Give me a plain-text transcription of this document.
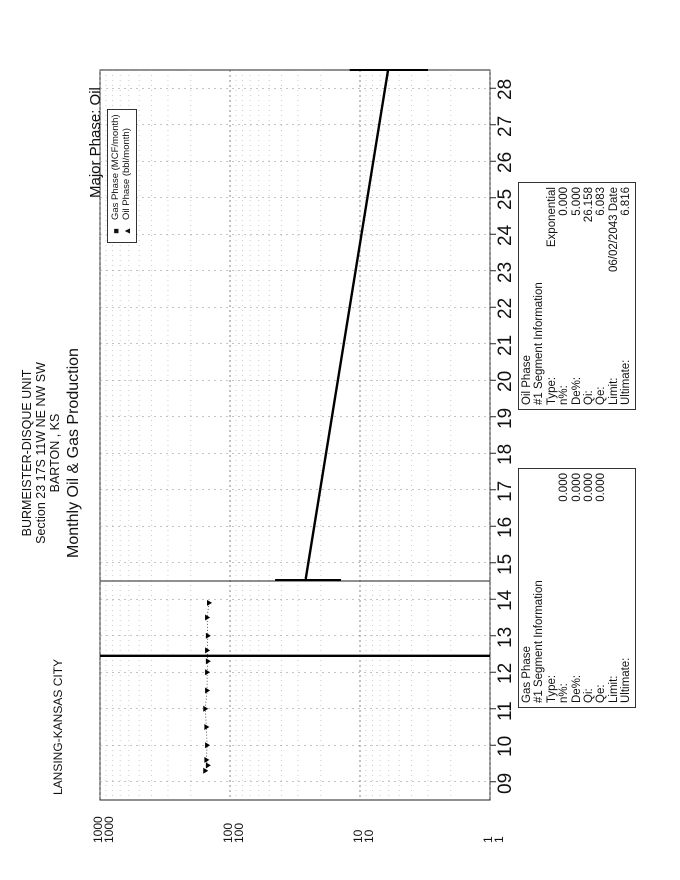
LANSING-KANSAS CITY
BURMEISTER-DISQUE UNIT Section 23 17S 11W NE NW SW BARTON , KS Monthly Oil & Gas Production
Major Phase: Oil
■
Gas Phase (MCF/month)
▲
Oil Phase (bbl/month)
Gas Phase #1 Segment Information Type: n%:
0.000
De%:
0.000
Qi:
0.000
Qe:
0.000
Limit: Ultimate:
Oil Phase #1 Segment Information Type:
Exponential
n%:
0.000
De%:
5.000
Qi:
26.158
Qe:
6.083
Limit:
06/02/2043 Date
Ultimate:
6.816
09
10
11
12
13
14
15
16
17
18
19
20
21
22
23
24
25
26
27
28
1000
1000	100
100	10
10	1
1
